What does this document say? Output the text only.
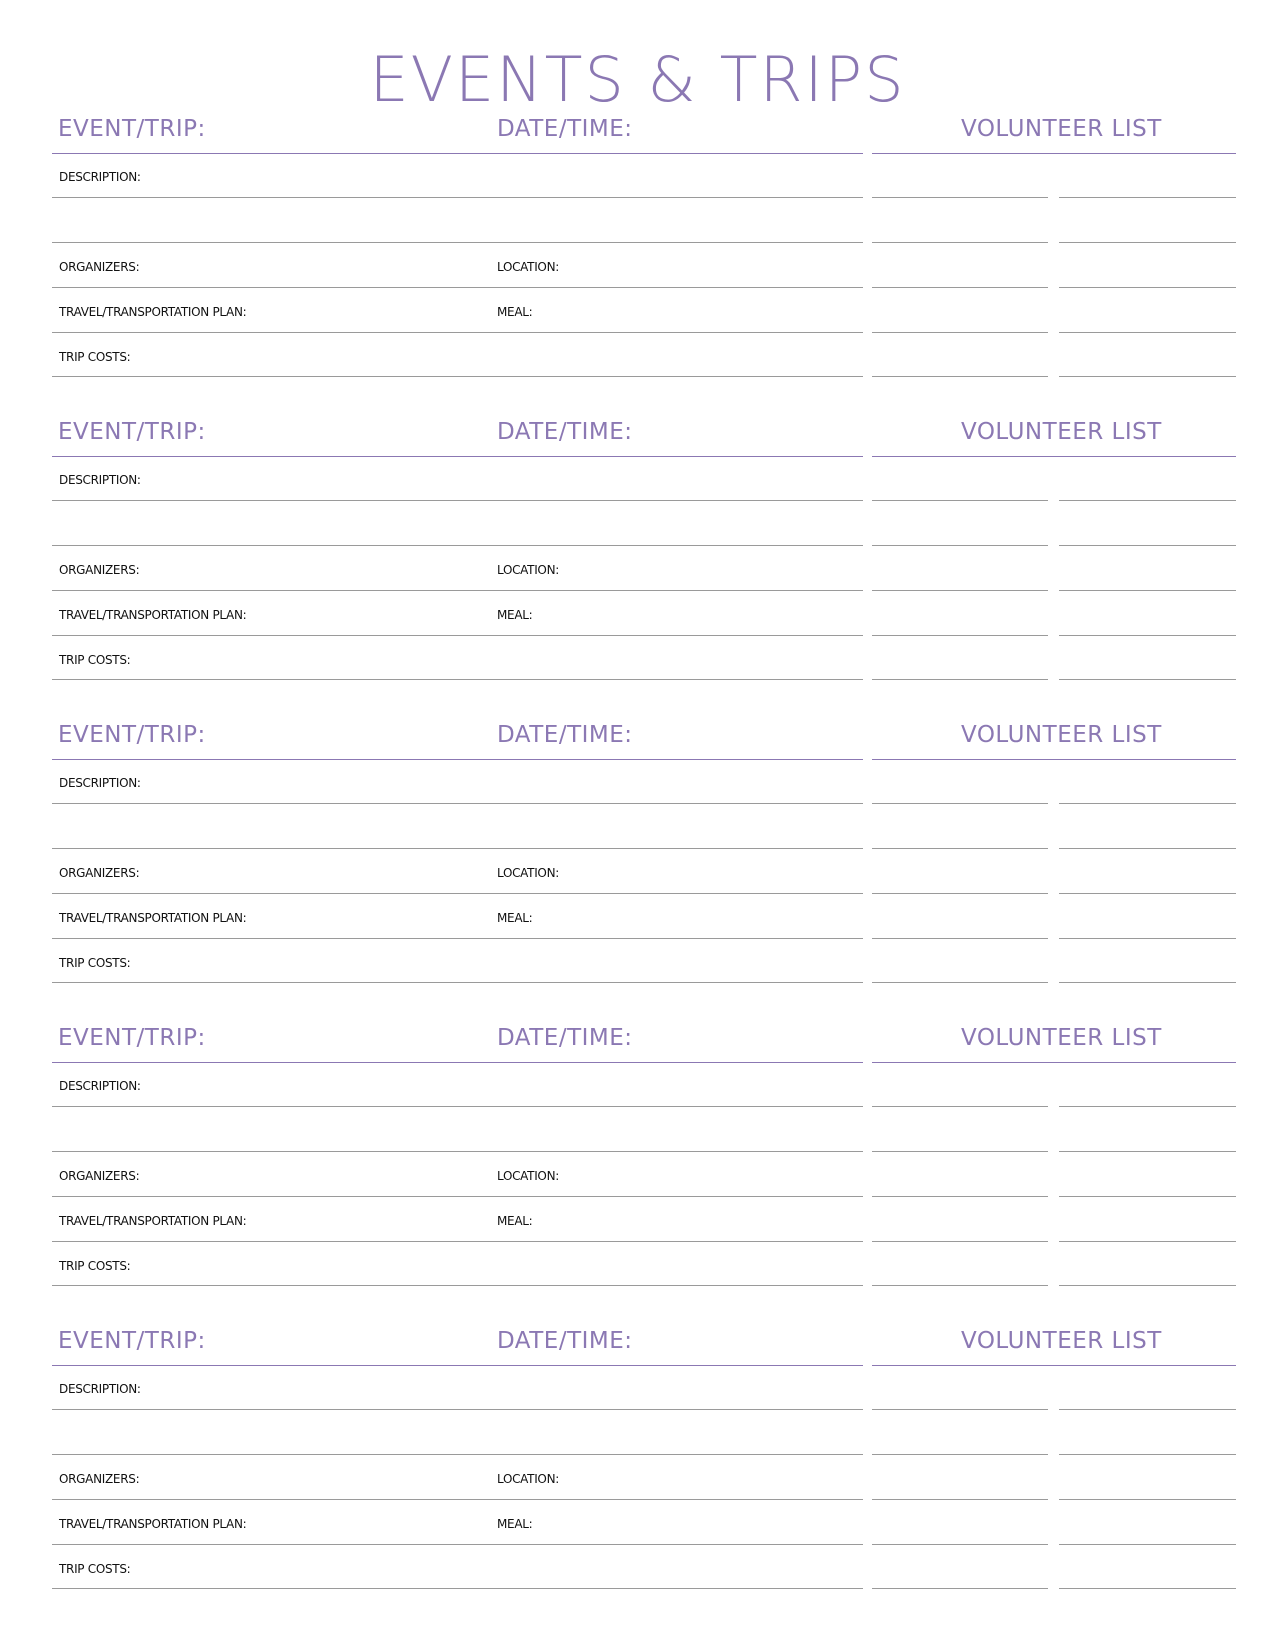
EVENTS & TRIPS
EVENT/TRIP:	DATE/TIME:	VOLUNTEER LIST
DESCRIPTION:
ORGANIZERS:	LOCATION:
TRAVEL/TRANSPORTATION PLAN:	MEAL:
TRIP COSTS:
EVENT/TRIP:	DATE/TIME:	VOLUNTEER LIST
DESCRIPTION:
ORGANIZERS:	LOCATION:
TRAVEL/TRANSPORTATION PLAN:	MEAL:
TRIP COSTS:
EVENT/TRIP:	DATE/TIME:	VOLUNTEER LIST
DESCRIPTION:
ORGANIZERS:	LOCATION:
TRAVEL/TRANSPORTATION PLAN:	MEAL:
TRIP COSTS:
EVENT/TRIP:	DATE/TIME:	VOLUNTEER LIST
DESCRIPTION:
ORGANIZERS:	LOCATION:
TRAVEL/TRANSPORTATION PLAN:	MEAL:
TRIP COSTS:
EVENT/TRIP:	DATE/TIME:	VOLUNTEER LIST
DESCRIPTION:
ORGANIZERS:	LOCATION:
TRAVEL/TRANSPORTATION PLAN:	MEAL:
TRIP COSTS:
